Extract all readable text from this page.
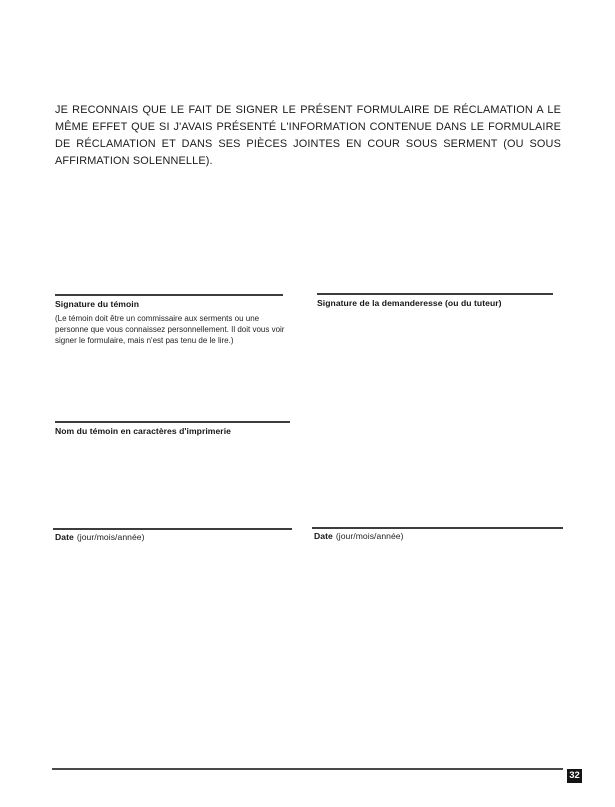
JE RECONNAIS QUE LE FAIT DE SIGNER LE PRÉSENT FORMULAIRE DE RÉCLAMATION A LE
MÊME EFFET QUE SI J'AVAIS PRÉSENTÉ L'INFORMATION CONTENUE DANS LE FORMULAIRE
DE RÉCLAMATION ET DANS SES PIÈCES JOINTES EN COUR SOUS SERMENT (OU SOUS
AFFIRMATION SOLENNELLE).
Signature du témoin	Signature de la demanderesse (ou du tuteur)
(Le témoin doit être un commissaire aux serments ou une
personne que vous connaissez personnellement. Il doit vous voir
signer le formulaire, mais n'est pas tenu de le lire.)
Nom du témoin en caractères d'imprimerie
Date (jour/mois/année)	Date (jour/mois/année)
32
